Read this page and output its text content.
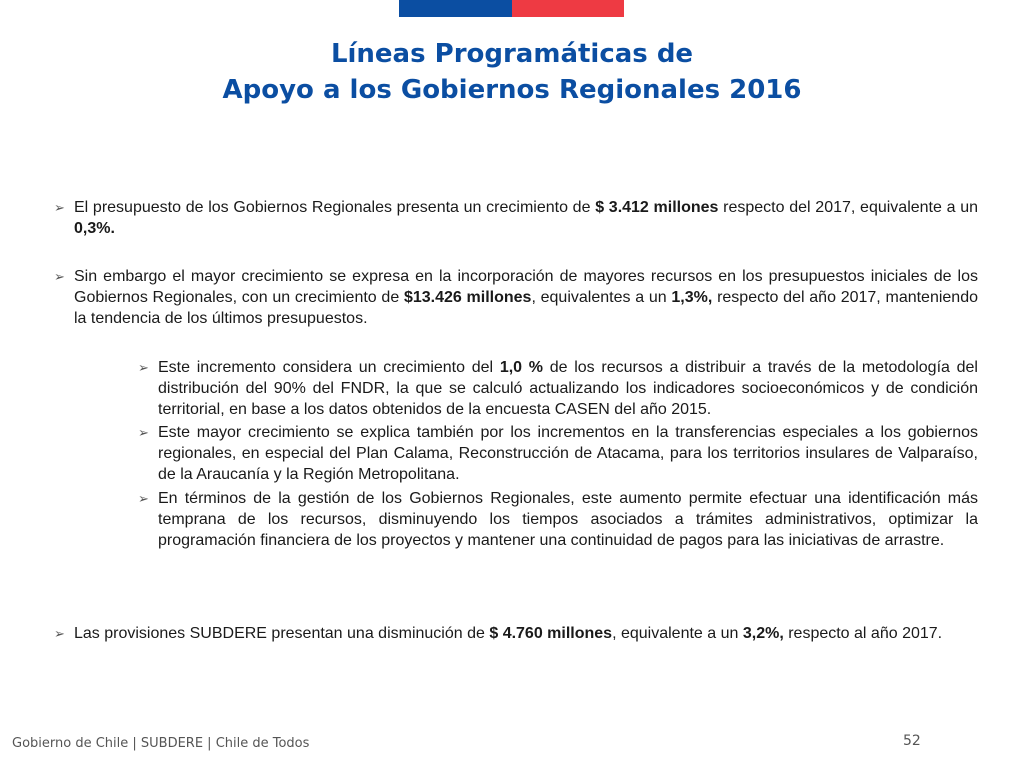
Líneas Programáticas de
Apoyo a los Gobiernos Regionales 2016
➢ El presupuesto de los Gobiernos Regionales presenta un crecimiento de $ 3.412 millones respecto del 2017, equivalente a un 0,3%.

➢ Sin embargo el mayor crecimiento se expresa en la incorporación de mayores recursos en los presupuestos iniciales de los Gobiernos Regionales, con un crecimiento de $13.426 millones, equivalentes a un 1,3%, respecto del año 2017, manteniendo la tendencia de los últimos presupuestos.

➢ Este incremento considera un crecimiento del 1,0 % de los recursos a distribuir a través de la metodología del distribución del 90% del FNDR, la que se calculó actualizando los indicadores socioeconómicos y de condición territorial, en base a los datos obtenidos de la encuesta CASEN del año 2015.

➢ Este mayor crecimiento se explica también por los incrementos en la transferencias especiales a los gobiernos regionales, en especial del Plan Calama, Reconstrucción de Atacama, para los territorios insulares de Valparaíso, de la Araucanía y la Región Metropolitana.

➢ En términos de la gestión de los Gobiernos Regionales, este aumento permite efectuar una identificación más temprana de los recursos, disminuyendo los tiempos asociados a trámites administrativos, optimizar la programación financiera de los proyectos y mantener una continuidad de pagos para las iniciativas de arrastre.

➢ Las provisiones SUBDERE presentan una disminución de $ 4.760 millones, equivalente a un 3,2%, respecto al año 2017.

Gobierno de Chile | SUBDERE | Chile de Todos	52
